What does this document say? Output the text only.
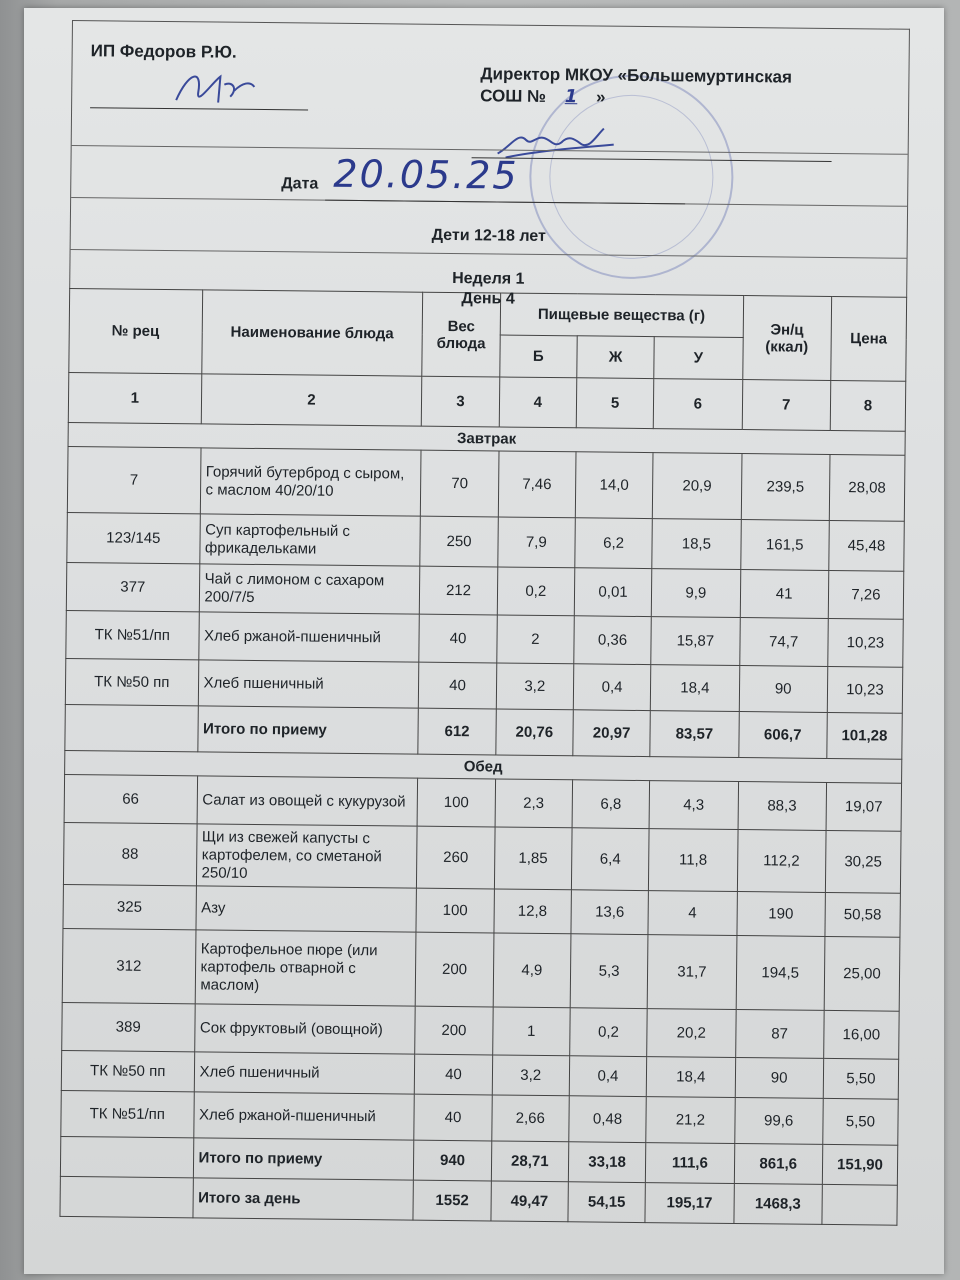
ИП Федоров Р.Ю.
Директор МКОУ «Большемуртинская
СОШ № 1 »
Дата 20.05.25
Дети 12-18 лет
Неделя 1
День 4
№ рец	Наименование блюда	Вес блюда	Пищевые вещества (г)			Эн/ц (ккал)	Цена
			Б	Ж	У		
1	2	3	4	5	6	7	8
Завтрак							
7	Горячий бутерброд с сыром, с маслом 40/20/10	70	7,46	14,0	20,9	239,5	28,08
123/145	Суп картофельный с фрикадельками	250	7,9	6,2	18,5	161,5	45,48
377	Чай с лимоном с сахаром 200/7/5	212	0,2	0,01	9,9	41	7,26
ТК №51/пп	Хлеб ржаной-пшеничный	40	2	0,36	15,87	74,7	10,23
ТК №50 пп	Хлеб пшеничный	40	3,2	0,4	18,4	90	10,23
	Итого по приему	612	20,76	20,97	83,57	606,7	101,28
Обед							
66	Салат из овощей с кукурузой	100	2,3	6,8	4,3	88,3	19,07
88	Щи из свежей капусты с картофелем, со сметаной 250/10	260	1,85	6,4	11,8	112,2	30,25
325	Азу	100	12,8	13,6	4	190	50,58
312	Картофельное пюре (или картофель отварной с маслом)	200	4,9	5,3	31,7	194,5	25,00
389	Сок фруктовый (овощной)	200	1	0,2	20,2	87	16,00
ТК №50 пп	Хлеб пшеничный	40	3,2	0,4	18,4	90	5,50
ТК №51/пп	Хлеб ржаной-пшеничный	40	2,66	0,48	21,2	99,6	5,50
	Итого по приему	940	28,71	33,18	111,6	861,6	151,90
	Итого за день	1552	49,47	54,15	195,17	1468,3	
